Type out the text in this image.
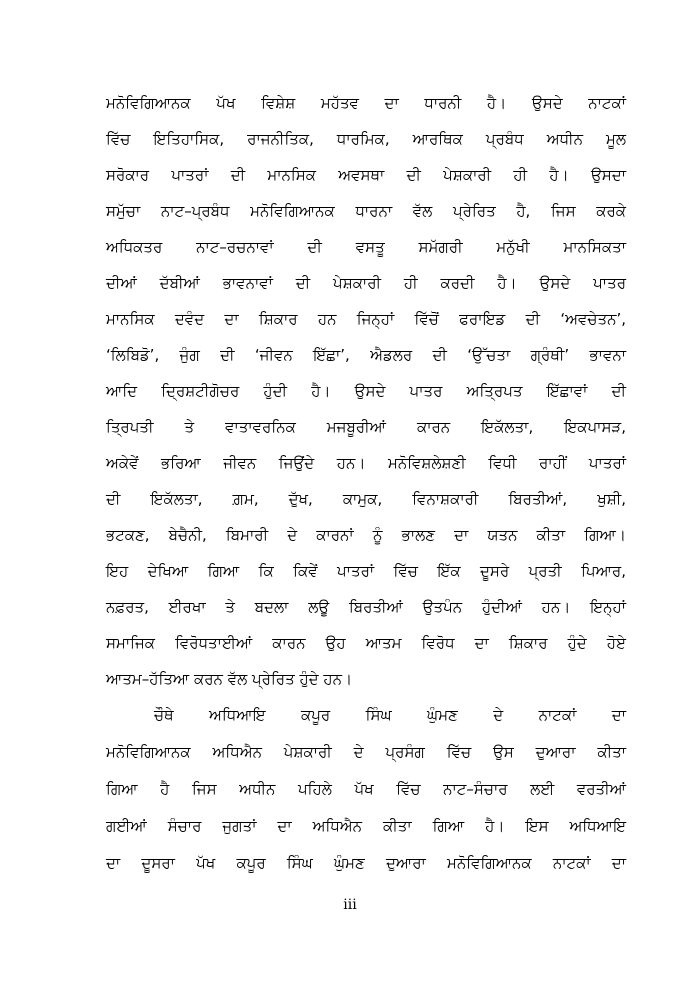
ਮਨੋਵਿਗਿਆਨਕ ਪੱਖ ਵਿਸ਼ੇਸ਼ ਮਹੱਤਵ ਦਾ ਧਾਰਨੀ ਹੈ। ਉਸਦੇ ਨਾਟਕਾਂ
ਵਿੱਚ ਇਤਿਹਾਸਿਕ, ਰਾਜਨੀਤਿਕ, ਧਾਰਮਿਕ, ਆਰਥਿਕ ਪ੍ਰਬੰਧ ਅਧੀਨ ਮੂਲ
ਸਰੋਕਾਰ ਪਾਤਰਾਂ ਦੀ ਮਾਨਸਿਕ ਅਵਸਥਾ ਦੀ ਪੇਸ਼ਕਾਰੀ ਹੀ ਹੈ। ਉਸਦਾ
ਸਮੁੱਚਾ ਨਾਟ–ਪ੍ਰਬੰਧ ਮਨੋਵਿਗਿਆਨਕ ਧਾਰਨਾ ਵੱਲ ਪ੍ਰੇਰਿਤ ਹੈ, ਜਿਸ ਕਰਕੇ
ਅਧਿਕਤਰ ਨਾਟ–ਰਚਨਾਵਾਂ ਦੀ ਵਸਤੂ ਸਮੱਗਰੀ ਮਨੁੱਖੀ ਮਾਨਸਿਕਤਾ
ਦੀਆਂ ਦੱਬੀਆਂ ਭਾਵਨਾਵਾਂ ਦੀ ਪੇਸ਼ਕਾਰੀ ਹੀ ਕਰਦੀ ਹੈ। ਉਸਦੇ ਪਾਤਰ
ਮਾਨਸਿਕ ਦਵੰਦ ਦਾ ਸ਼ਿਕਾਰ ਹਨ ਜਿਨ੍ਹਾਂ ਵਿੱਚੋਂ ਫਰਾਇਡ ਦੀ ‘ਅਵਚੇਤਨ’,
‘ਲਿਬਿਡੋ’, ਜੁੰਗ ਦੀ ‘ਜੀਵਨ ਇੱਛਾ’, ਐਡਲਰ ਦੀ ‘ਉੱਚਤਾ ਗ੍ਰੰਥੀ’ ਭਾਵਨਾ
ਆਦਿ ਦ੍ਰਿਸ਼ਟੀਗੋਚਰ ਹੁੰਦੀ ਹੈ। ਉਸਦੇ ਪਾਤਰ ਅਤ੍ਰਿਪਤ ਇੱਛਾਵਾਂ ਦੀ
ਤ੍ਰਿਪਤੀ ਤੇ ਵਾਤਾਵਰਨਿਕ ਮਜਬੂਰੀਆਂ ਕਾਰਨ ਇਕੱਲਤਾ, ਇਕਪਾਸੜ,
ਅਕੇਵੇਂ ਭਰਿਆ ਜੀਵਨ ਜਿਉਂਦੇ ਹਨ। ਮਨੋਵਿਸ਼ਲੇਸ਼ਣੀ ਵਿਧੀ ਰਾਹੀਂ ਪਾਤਰਾਂ
ਦੀ ਇਕੱਲਤਾ, ਗ਼ਮ, ਦੁੱਖ, ਕਾਮੁਕ, ਵਿਨਾਸ਼ਕਾਰੀ ਬਿਰਤੀਆਂ, ਖੁਸ਼ੀ,
ਭਟਕਣ, ਬੇਚੈਨੀ, ਬਿਮਾਰੀ ਦੇ ਕਾਰਨਾਂ ਨੂੰ ਭਾਲਣ ਦਾ ਯਤਨ ਕੀਤਾ ਗਿਆ।
ਇਹ ਦੇਖਿਆ ਗਿਆ ਕਿ ਕਿਵੇਂ ਪਾਤਰਾਂ ਵਿੱਚ ਇੱਕ ਦੂਸਰੇ ਪ੍ਰਤੀ ਪਿਆਰ,
ਨਫ਼ਰਤ, ਈਰਖਾ ਤੇ ਬਦਲਾ ਲਊ ਬਿਰਤੀਆਂ ਉਤਪੰਨ ਹੁੰਦੀਆਂ ਹਨ। ਇਨ੍ਹਾਂ
ਸਮਾਜਿਕ ਵਿਰੋਧਤਾਈਆਂ ਕਾਰਨ ਉਹ ਆਤਮ ਵਿਰੋਧ ਦਾ ਸ਼ਿਕਾਰ ਹੁੰਦੇ ਹੋਏ
ਆਤਮ–ਹੱਤਿਆ ਕਰਨ ਵੱਲ ਪ੍ਰੇਰਿਤ ਹੁੰਦੇ ਹਨ।
ਚੌਥੇ ਅਧਿਆਇ ਕਪੂਰ ਸਿੰਘ ਘੁੰਮਣ ਦੇ ਨਾਟਕਾਂ ਦਾ
ਮਨੋਵਿਗਿਆਨਕ ਅਧਿਐਨ ਪੇਸ਼ਕਾਰੀ ਦੇ ਪ੍ਰਸੰਗ ਵਿੱਚ ਉਸ ਦੁਆਰਾ ਕੀਤਾ
ਗਿਆ ਹੈ ਜਿਸ ਅਧੀਨ ਪਹਿਲੇ ਪੱਖ ਵਿੱਚ ਨਾਟ–ਸੰਚਾਰ ਲਈ ਵਰਤੀਆਂ
ਗਈਆਂ ਸੰਚਾਰ ਜੁਗਤਾਂ ਦਾ ਅਧਿਐਨ ਕੀਤਾ ਗਿਆ ਹੈ। ਇਸ ਅਧਿਆਇ
ਦਾ ਦੂਸਰਾ ਪੱਖ ਕਪੂਰ ਸਿੰਘ ਘੁੰਮਣ ਦੁਆਰਾ ਮਨੋਵਿਗਿਆਨਕ ਨਾਟਕਾਂ ਦਾ
iii
